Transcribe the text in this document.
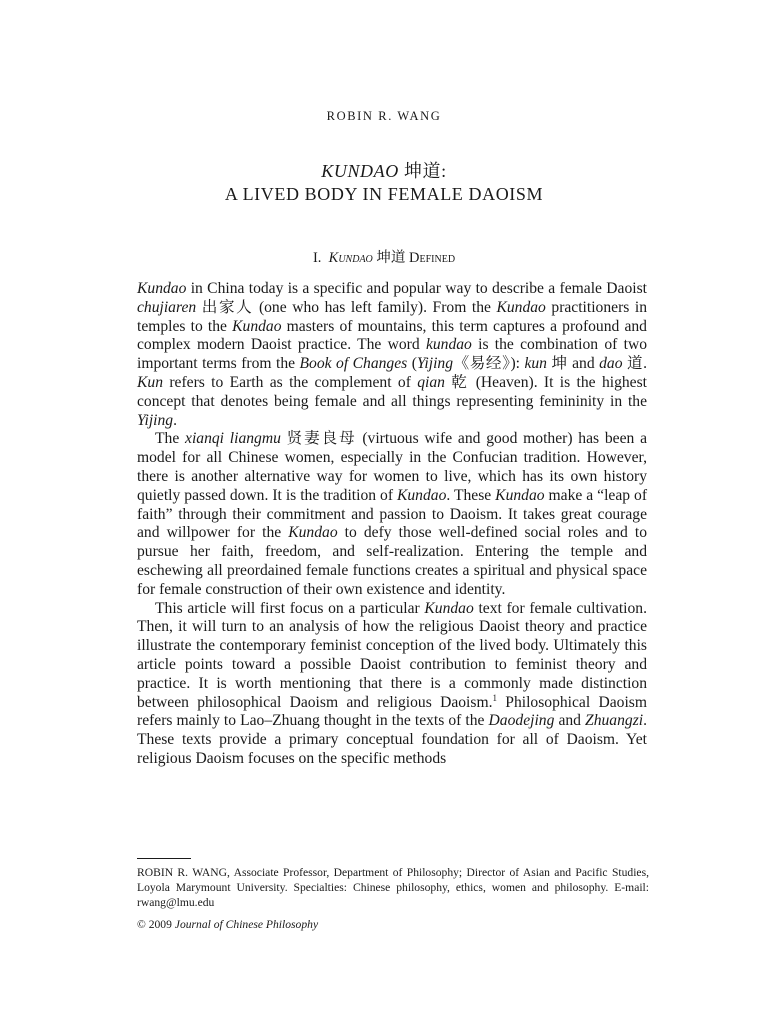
ROBIN R. WANG
KUNDAO 坤道:
A LIVED BODY IN FEMALE DAOISM
I. Kundao 坤道 Defined

Kundao in China today is a specific and popular way to describe a female Daoist chujiaren 出家人 (one who has left family). From the Kundao practitioners in temples to the Kundao masters of mountains, this term captures a profound and complex modern Daoist practice. The word kundao is the combination of two important terms from the Book of Changes (Yijing《易经》): kun 坤 and dao 道. Kun refers to Earth as the complement of qian 乾 (Heaven). It is the highest concept that denotes being female and all things representing femininity in the Yijing.

The xianqi liangmu 贤妻良母 (virtuous wife and good mother) has been a model for all Chinese women, especially in the Confucian tradition. However, there is another alternative way for women to live, which has its own history quietly passed down. It is the tradition of Kundao. These Kundao make a “leap of faith” through their commitment and passion to Daoism. It takes great courage and willpower for the Kundao to defy those well-defined social roles and to pursue her faith, freedom, and self-realization. Entering the temple and eschewing all preordained female functions creates a spiritual and physical space for female construction of their own existence and identity.

This article will first focus on a particular Kundao text for female cultivation. Then, it will turn to an analysis of how the religious Daoist theory and practice illustrate the contemporary feminist conception of the lived body. Ultimately this article points toward a possible Daoist contribution to feminist theory and practice. It is worth mentioning that there is a commonly made distinction between philosophical Daoism and religious Daoism.$^1$ Philosophical Daoism refers mainly to Lao–Zhuang thought in the texts of the Daodejing and Zhuangzi. These texts provide a primary conceptual foundation for all of Daoism. Yet religious Daoism focuses on the specific methods

ROBIN R. WANG, Associate Professor, Department of Philosophy; Director of Asian and Pacific Studies, Loyola Marymount University. Specialties: Chinese philosophy, ethics, women and philosophy. E-mail: rwang@lmu.edu
© 2009 Journal of Chinese Philosophy
